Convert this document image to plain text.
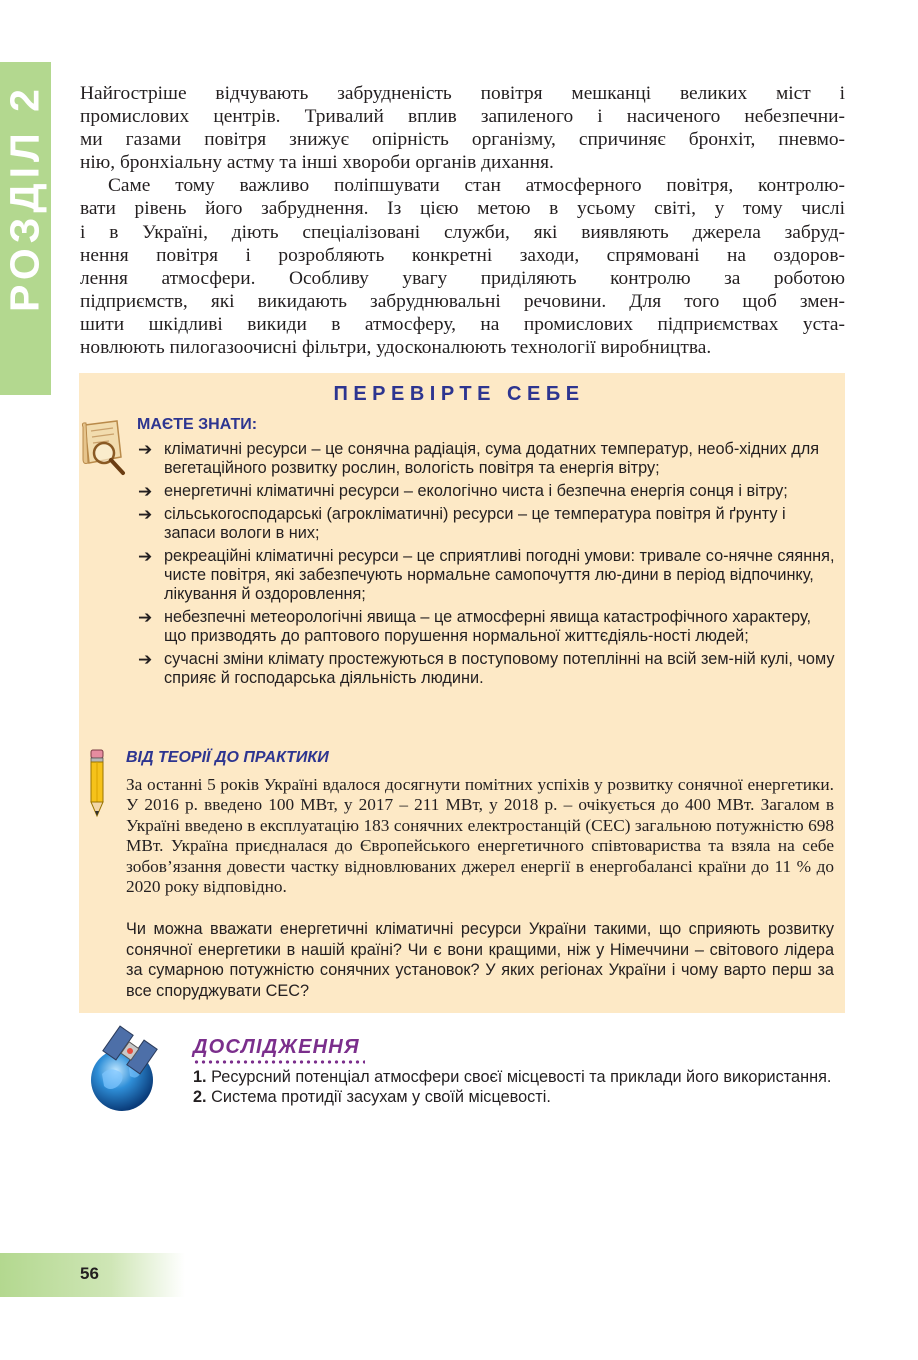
РОЗДІЛ 2 Найгостріше відчувають забрудненість повітря мешканці великих міст і
промислових центрів. Тривалий вплив запиленого і насиченого небезпечни-
ми газами повітря знижує опірність організму, спричиняє бронхіт, пневмо-
нію, бронхіальну астму та інші хвороби органів дихання.
Саме тому важливо поліпшувати стан атмосферного повітря, контролю-
вати рівень його забруднення. Із цією метою в усьому світі, у тому числі
і в Україні, діють спеціалізовані служби, які виявляють джерела забруд-
нення повітря і розробляють конкретні заходи, спрямовані на оздоров-
лення атмосфери. Особливу увагу приділяють контролю за роботою
підприємств, які викидають забруднювальні речовини. Для того щоб змен-
шити шкідливі викиди в атмосферу, на промислових підприємствах уста-
новлюють пилогазоочисні фільтри, удосконалюють технології виробництва.
ПЕРЕВІРТЕ СЕБЕ
МАЄТЕ ЗНАТИ:
➔ кліматичні ресурси – це сонячна радіація, сума додатних температур, необ-хідних для вегетаційного розвитку рослин, вологість повітря та енергія вітру;
➔ енергетичні кліматичні ресурси – екологічно чиста і безпечна енергія сонця і вітру;
➔ сільськогосподарські (агрокліматичні) ресурси – це температура повітря й ґрунту і запаси вологи в них;
➔ рекреаційні кліматичні ресурси – це сприятливі погодні умови: тривале со-нячне сяяння, чисте повітря, які забезпечують нормальне самопочуття лю-дини в період відпочинку, лікування й оздоровлення;
➔ небезпечні метеорологічні явища – це атмосферні явища катастрофічного характеру, що призводять до раптового порушення нормальної життєдіяль-ності людей;
➔ сучасні зміни клімату простежуються в поступовому потеплінні на всій зем-ній кулі, чому сприяє й господарська діяльність людини.
ВІД ТЕОРІЇ ДО ПРАКТИКИ
За останні 5 років Україні вдалося досягнути помітних успіхів у розвитку сонячної енергетики. У 2016 р. введено 100 МВт, у 2017 – 211 МВт, у 2018 р. – очікується до 400 МВт. Загалом в Україні введено в експлуатацію 183 сонячних електростанцій (СЕС) загальною потужністю 698 МВт. Україна приєдналася до Європейського енергетичного співтовариства та взяла на себе зобов’язання довести частку відновлюваних джерел енергії в енергобалансі країни до 11 % до 2020 року відповідно.
Чи можна вважати енергетичні кліматичні ресурси України такими, що сприяють розвитку сонячної енергетики в нашій країні? Чи є вони кращими, ніж у Німеччини – світового лідера за сумарною потужністю сонячних установок? У яких регіонах України і чому варто перш за все споруджувати СЕС?
ДОСЛІДЖЕННЯ
1. Ресурсний потенціал атмосфери своєї місцевості та приклади його використання.
2. Система протидії засухам у своїй місцевості.
56
